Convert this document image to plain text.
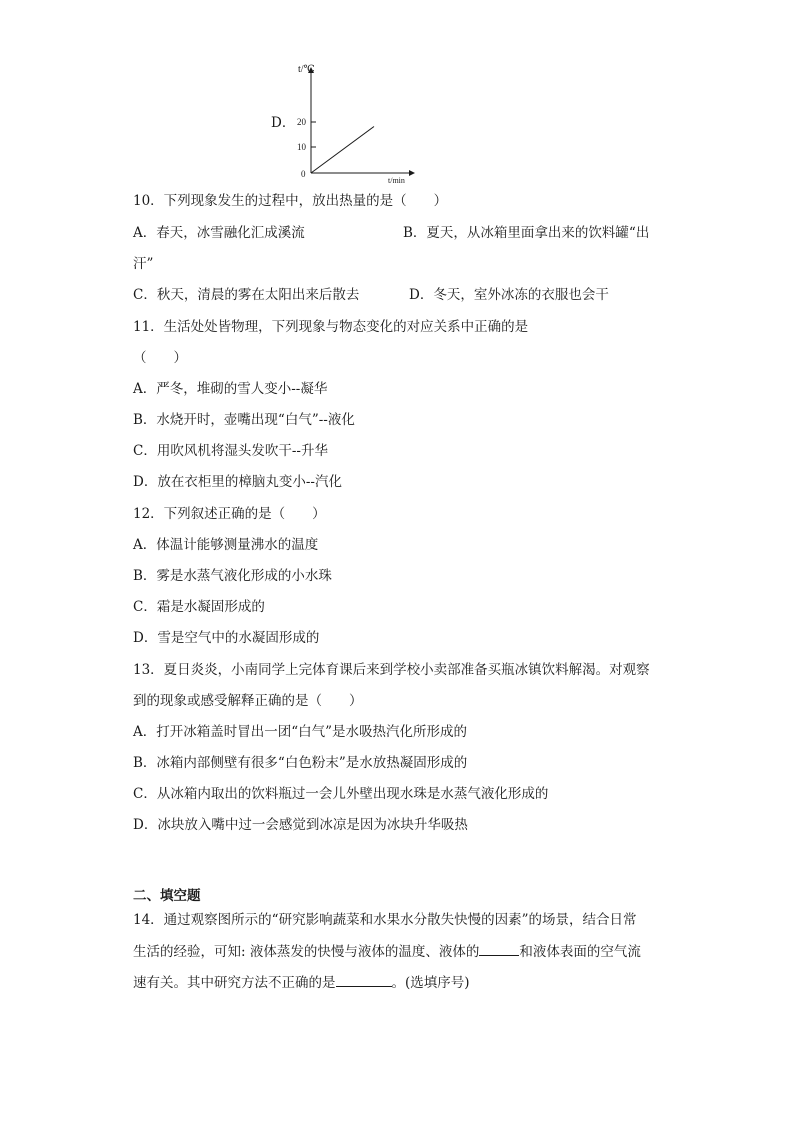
D．
t/℃
t/min
0
20
10
10．下列现象发生的过程中，放出热量的是（　　）
A．春天，冰雪融化汇成溪流	B．夏天，从冰箱里面拿出来的饮料罐“出
汗”
C．秋天，清晨的雾在太阳出来后散去	D．冬天，室外冰冻的衣服也会干
11．生活处处皆物理，下列现象与物态变化的对应关系中正确的是
（　　）
A．严冬，堆砌的雪人变小--凝华
B．水烧开时，壶嘴出现“白气”--液化
C．用吹风机将湿头发吹干--升华
D．放在衣柜里的樟脑丸变小--汽化
12．下列叙述正确的是（　　）
A．体温计能够测量沸水的温度
B．雾是水蒸气液化形成的小水珠
C．霜是水凝固形成的
D．雪是空气中的水凝固形成的
13．夏日炎炎，小南同学上完体育课后来到学校小卖部准备买瓶冰镇饮料解渴。对观察
到的现象或感受解释正确的是（　　）
A．打开冰箱盖时冒出一团“白气”是水吸热汽化所形成的
B．冰箱内部侧壁有很多“白色粉末”是水放热凝固形成的
C．从冰箱内取出的饮料瓶过一会儿外壁出现水珠是水蒸气液化形成的
D．冰块放入嘴中过一会感觉到冰凉是因为冰块升华吸热
二、填空题
14．通过观察图所示的“研究影响蔬菜和水果水分散失快慢的因素”的场景，结合日常
生活的经验，可知: 液体蒸发的快慢与液体的温度、液体的	和液体表面的空气流
速有关。其中研究方法不正确的是	。(选填序号)
